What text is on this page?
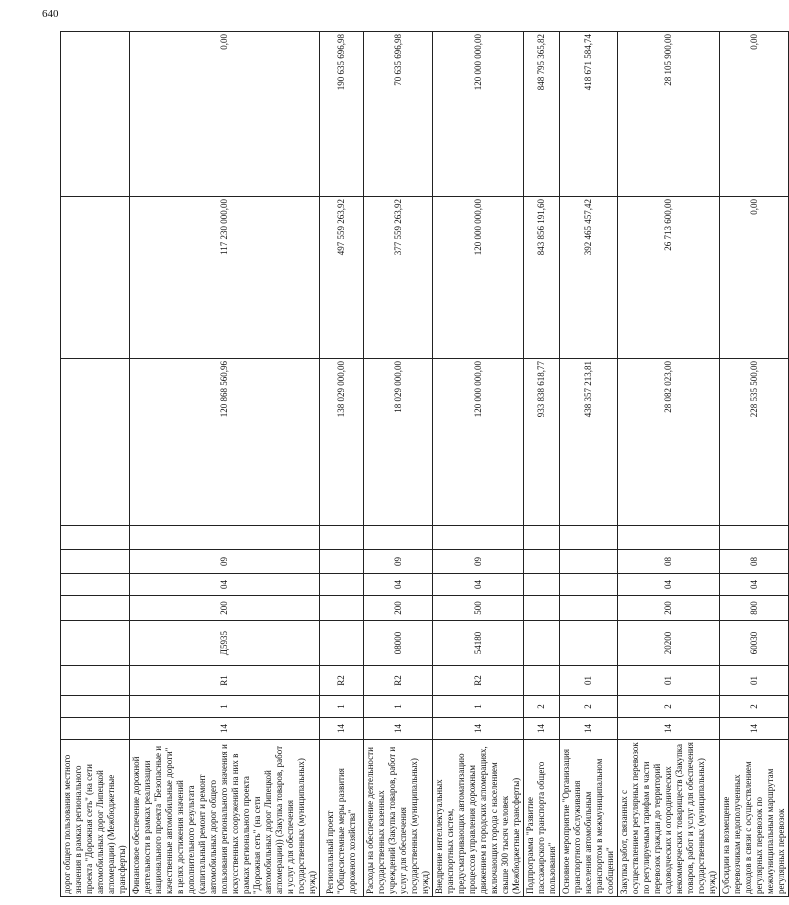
640
дорог общего пользования местного значения в рамках регионального проекта "Дорожная сеть" (на сети автомобильных дорог Липецкой агломерации) (Межбюджетные трансферты)											
Финансовое обеспечение дорожной деятельности в рамках реализации национального проекта "Безопасные и качественные автомобильные дороги" в целях достижения значений дополнительного результата (капитальный ремонт и ремонт автомобильных дорог общего пользования регионального значения и искусственных сооружений на них в рамках регионального проекта "Дорожная сеть" (на сети автомобильных дорог Липецкой агломерации)) (Закупка товаров, работ и услуг для обеспечения государственных (муниципальных) нужд)	14	1	R1	Д5935	200	04	09		120 868 560,96	117 230 000,00	0,00
Региональный проект "Общесистемные меры развития дорожного хозяйства"	14	1	R2						138 029 000,00	497 559 263,92	190 635 696,98
Расходы на обеспечение деятельности государственных казенных учреждений (Закупка товаров, работ и услуг для обеспечения государственных (муниципальных) нужд)	14	1	R2	08000	200	04	09		18 029 000,00	377 559 263,92	70 635 696,98
Внедрение интеллектуальных транспортных систем, предусматривающих автоматизацию процессов управления дорожным движением в городских агломерациях, включающих города с населением свыше 300 тысяч человек (Межбюджетные трансферты)	14	1	R2	54180	500	04	09		120 000 000,00	120 000 000,00	120 000 000,00
Подпрограмма "Развитие пассажирского транспорта общего пользования"	14	2							933 838 618,77	843 856 191,60	848 795 365,82
Основное мероприятие "Организация транспортного обслуживания населения автомобильным транспортом в межмуниципальном сообщении"	14	2	01						438 357 213,81	392 465 457,42	418 671 584,74
Закупка работ, связанных с осуществлением регулярных перевозок по регулируемым тарифам в части перевозок граждан до территорий садоводческих и огороднических некоммерческих товариществ (Закупка товаров, работ и услуг для обеспечения государственных (муниципальных) нужд)	14	2	01	20200	200	04	08		28 082 023,00	26 713 600,00	28 105 900,00
Субсидии на возмещение перевозчикам недополученных доходов в связи с осуществлением регулярных перевозок по межмуниципальным маршрутам регулярных перевозок	14	2	01	60030	800	04	08		228 535 500,00	0,00	0,00
